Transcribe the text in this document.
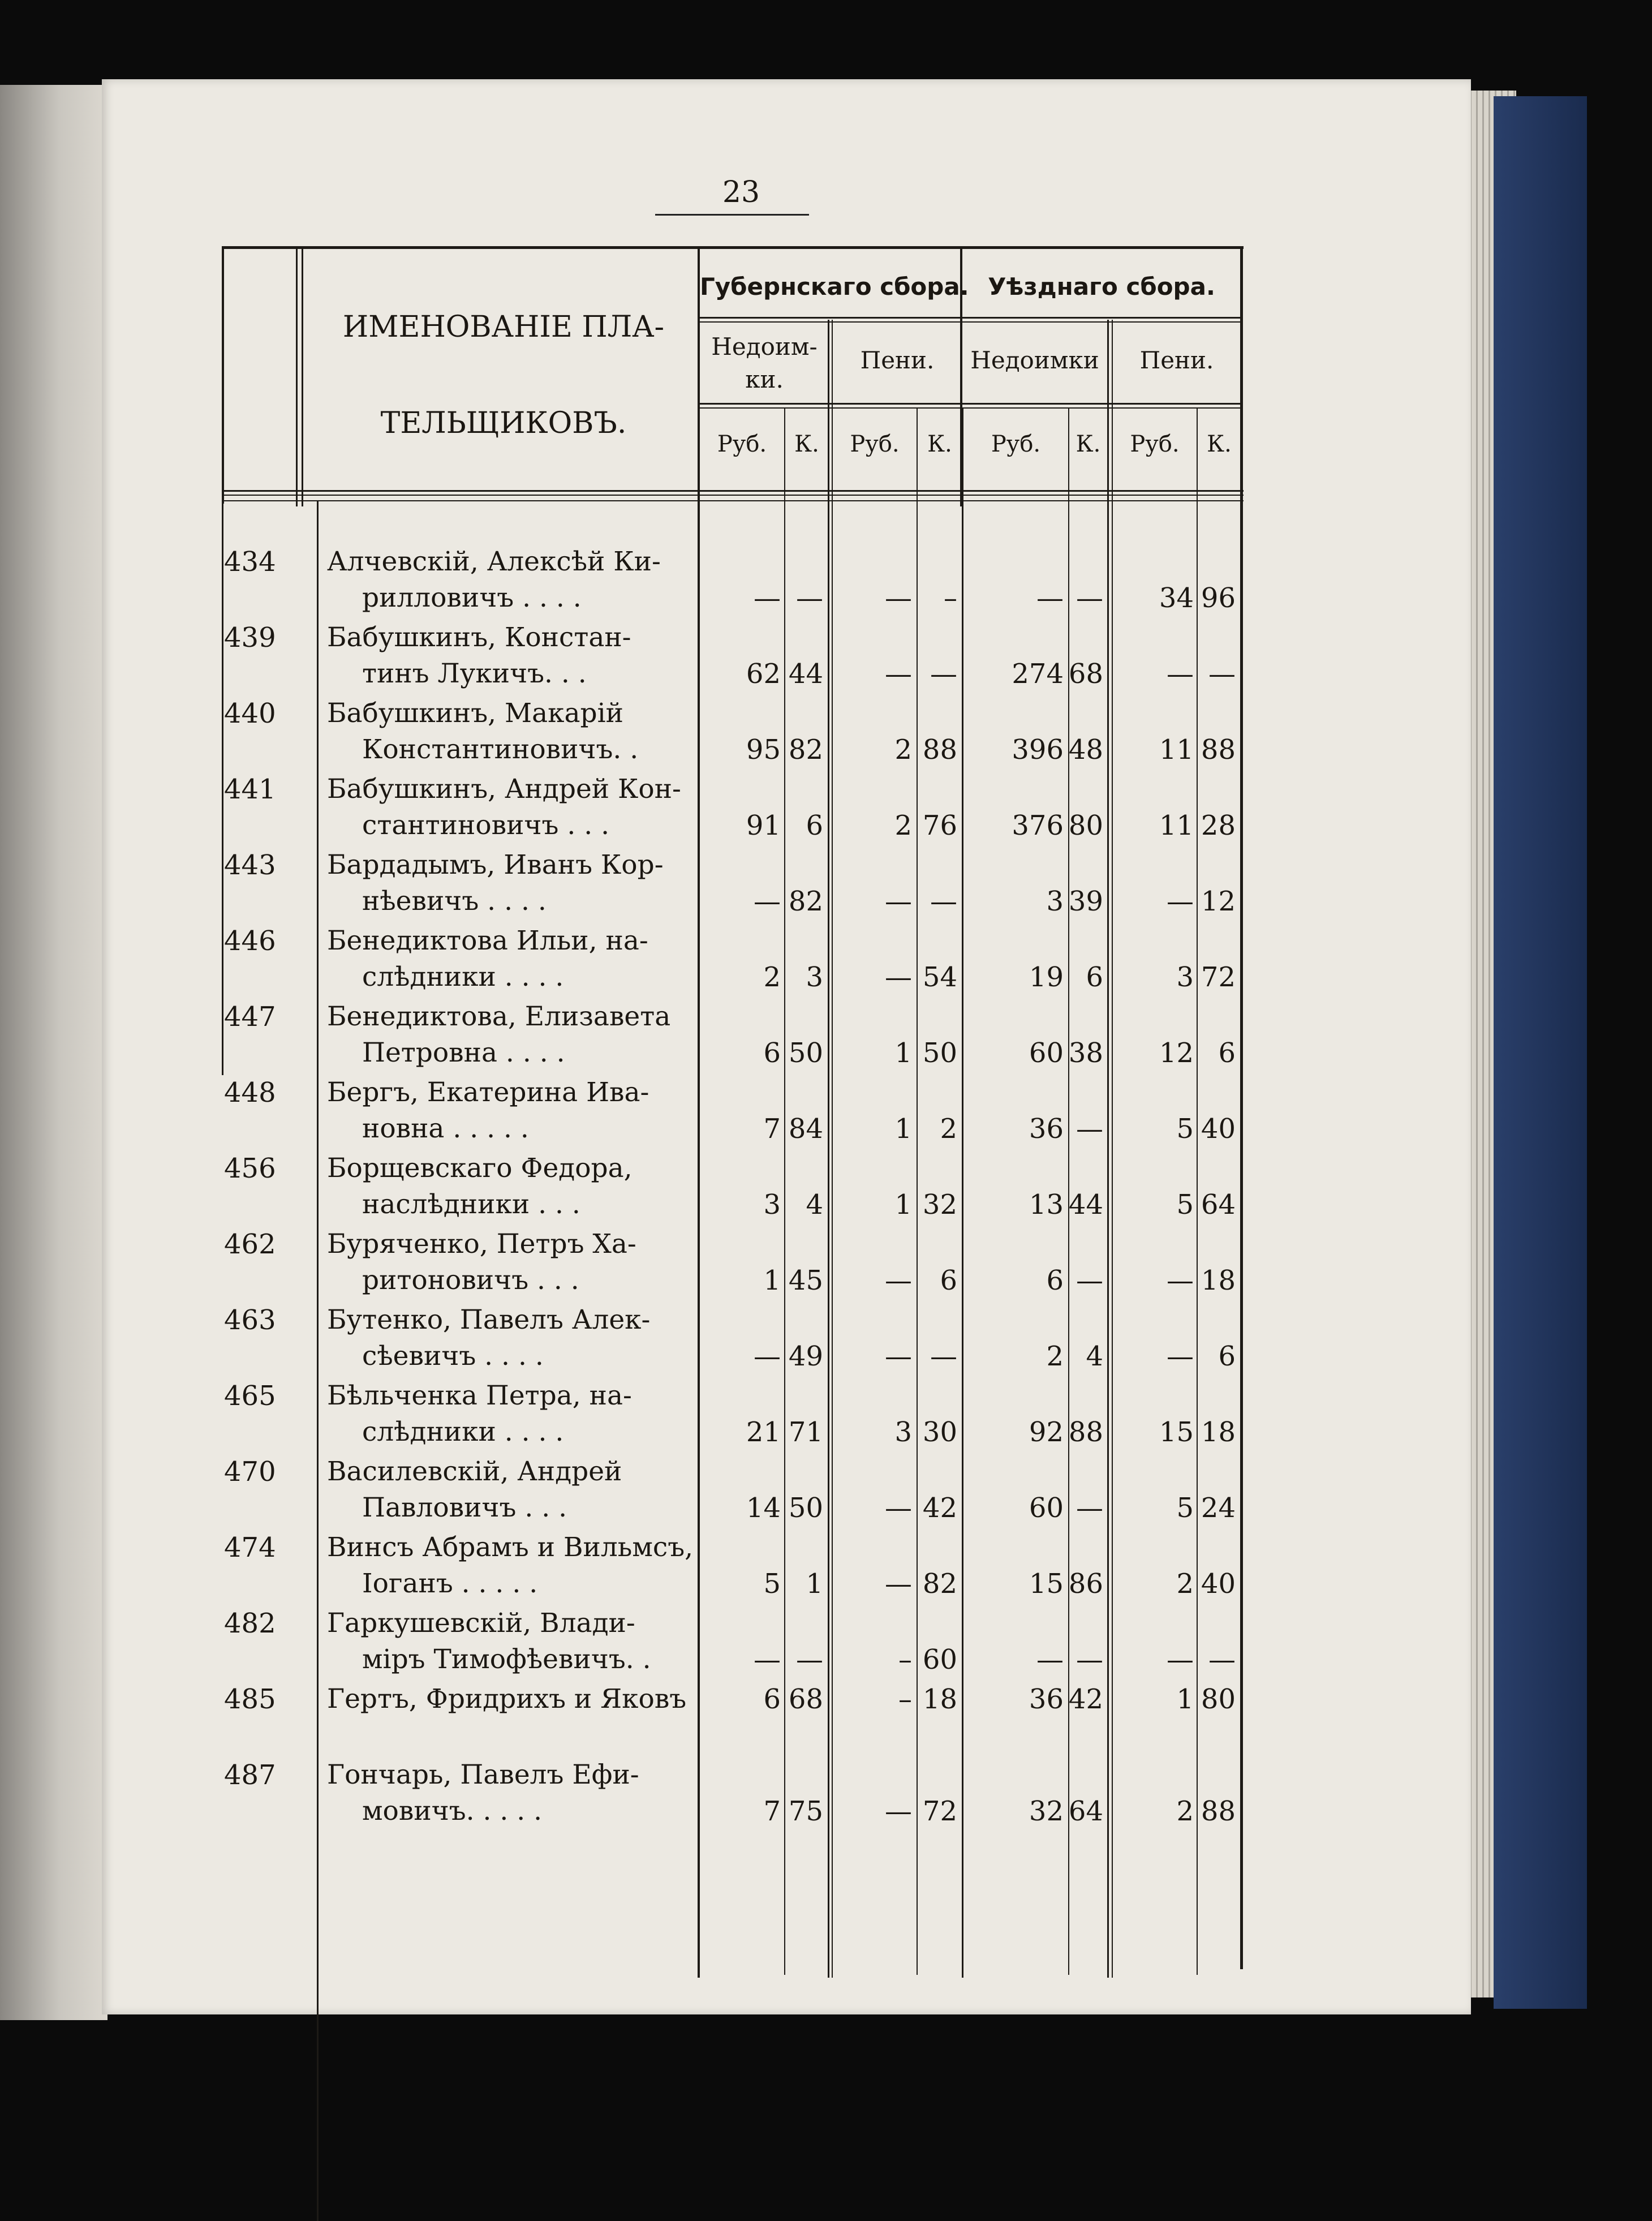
23
ИМЕНОВАНІЕ ПЛА-
ТЕЛЬЩИКОВЪ.
Губернскаго сбора. Уѣзднаго сбора.
Недоим-
ки.
Пени.	Недоимки	Пени.
Руб.	К.	Руб.	К.	Руб.	К.	Руб.	К.
434 Алчевскій, Алексѣй Ки-
рилловичъ . . . .	— —	—	–	— —	34 96
439 Бабушкинъ, Констан-
тинъ Лукичъ. . .	62 44	— —	274 68	— —
440 Бабушкинъ, Макарій
Константиновичъ. .	95 82	2 88	396 48	11 88
441 Бабушкинъ, Андрей Кон-
стантиновичъ . . .	91 6	2 76	376 80	11 28
443 Бардадымъ, Иванъ Кор-
нѣевичъ . . . .	— 82	— —	3 39	— 12
446 Бенедиктова Ильи, на-
слѣдники . . . .	2 3	— 54	19 6	3 72
447 Бенедиктова, Елизавета
Петровна . . . .	6 50	1 50	60 38	12 6
448 Бергъ, Екатерина Ива-
новна . . . . .	7 84	1	2	36 —	5 40
456 Борщевскаго Федора,
наслѣдники . . .	3 4	1 32	13 44	5 64
462 Буряченко, Петръ Ха-
ритоновичъ . . .	1 45	—	6	6 —	— 18
463 Бутенко, Павелъ Алек-
сѣевичъ . . . .	— 49	— —	2 4	— 6
465 Бѣльченка Петра, на-
слѣдники . . . .	21 71	3 30	92 88	15 18
470 Василевскій, Андрей
Павловичъ . . .	14 50	— 42	60 —	5 24
474 Винсъ Абрамъ и Вильмсъ,
Іоганъ . . . . .	5 1	— 82	15 86	2 40
482 Гаркушевскій, Влади-
міръ Тимофѣевичъ. .	— —	– 60	— —	— —
485 Гертъ, Фридрихъ и Яковъ	6 68	– 18	36 42	1 80
487 Гончарь, Павелъ Ефи-
мовичъ. . . . .	7 75	— 72	32 64	2 88
